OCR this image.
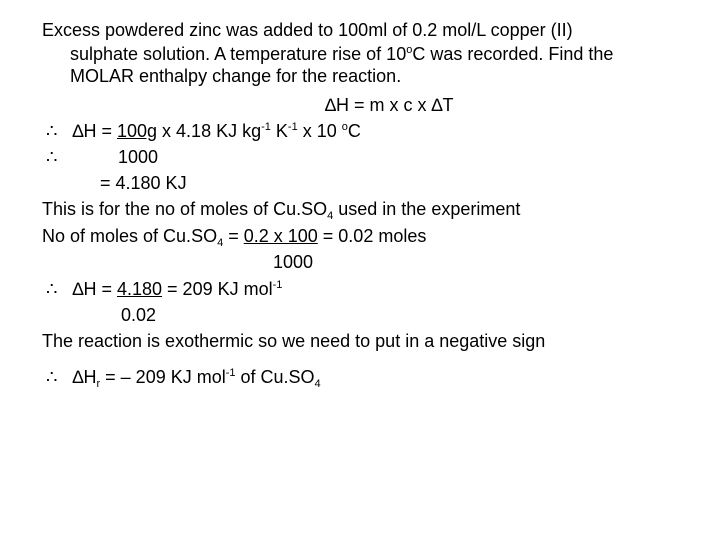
Excess powdered zinc was added to 100ml of 0.2 mol/L copper (II)
sulphate solution. A temperature rise of 10$^o$C was recorded. Find the
MOLAR enthalpy change for the reaction.
∆H = m x c x ∆T
∴ ∆H = 100g x 4.18 KJ $kg^{-1}$ $K^{-1}$ x 10 $^o$C
∴	1000
= 4.180 KJ
This is for the no of moles of $Cu.SO_4$ used in the experiment
No of moles of $Cu.SO_4 = 0.2$ x 100 = 0.02 moles
1000
∴ ∆H = 4.180 = 209 KJ mol$^{-1}$
0.02
The reaction is exothermic so we need to put in a negative sign
∴ $\Delta H_r$ = – 209 KJ mol$^{-1}$ of $Cu.SO_4$
